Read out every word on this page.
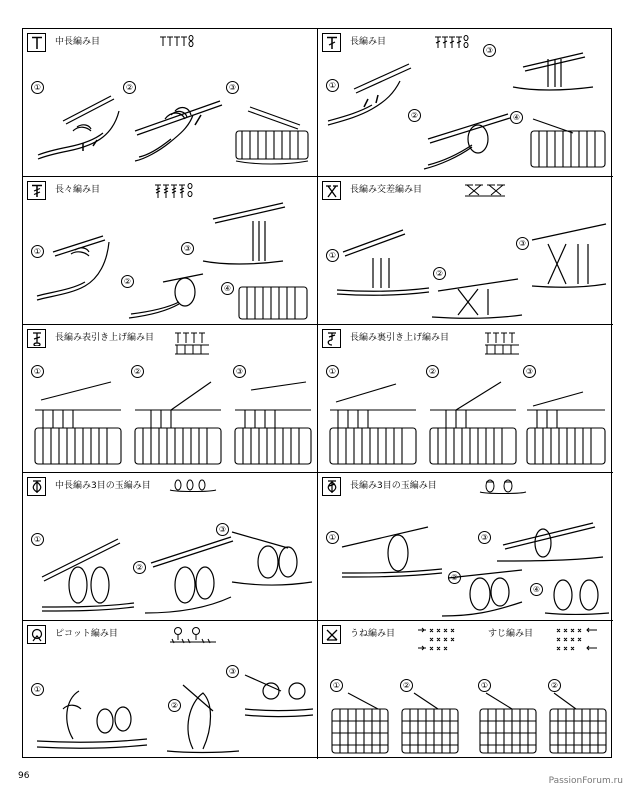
中長編み目
①	②	③
長編み目
①
②
③
④
長々編み目
①
②
③
④
長編み交差編み目
①
②
③
長編み表引き上げ編み目
①	②	③
長編み裏引き上げ編み目
①	②	③
中長編み3目の玉編み目
①
②
③
長編み3目の玉編み目
①
②
③
④
ピコット編み目
②
③
①
うね編み目	すじ編み目
①	②	①	②
96	PassionForum.ru
